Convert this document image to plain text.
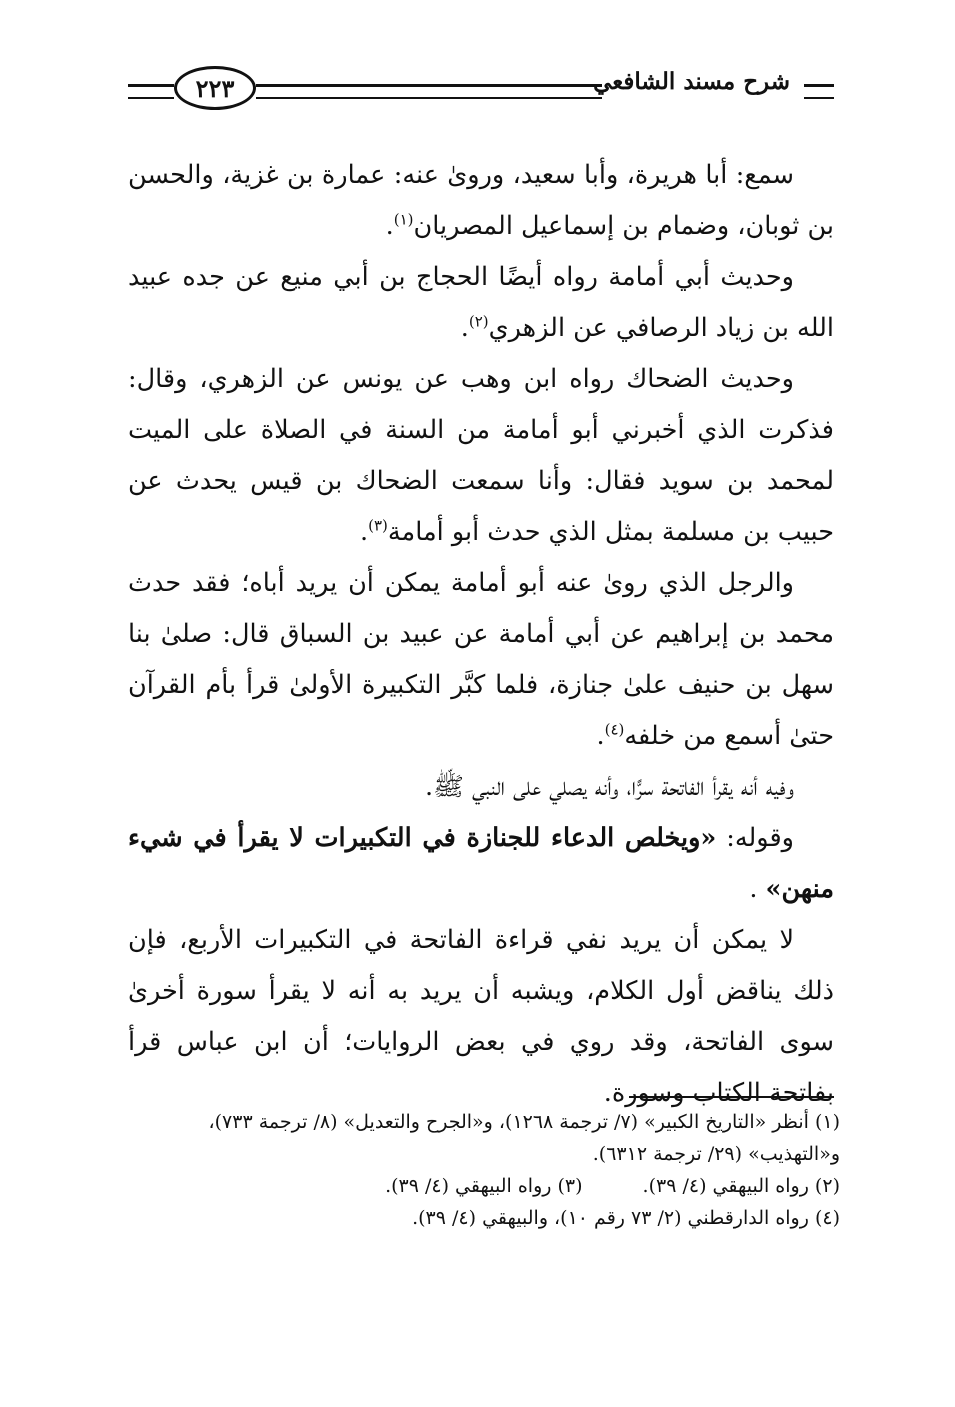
شرح مسند الشافعي
٢٢٣

سمع: أبا هريرة، وأبا سعيد، وروىٰ عنه: عمارة بن غزية، والحسن بن ثوبان، وضمام بن إسماعيل المصريان$^{(١)}$.

وحديث أبي أمامة رواه أيضًا الحجاج بن أبي منيع عن جده عبيد الله بن زياد الرصافي عن الزهري$^{(٢)}$.

وحديث الضحاك رواه ابن وهب عن يونس عن الزهري، وقال: فذكرت الذي أخبرني أبو أمامة من السنة في الصلاة على الميت لمحمد بن سويد فقال: وأنا سمعت الضحاك بن قيس يحدث عن حبيب بن مسلمة بمثل الذي حدث أبو أمامة$^{(٣)}$.

والرجل الذي روىٰ عنه أبو أمامة يمكن أن يريد أباه؛ فقد حدث محمد بن إبراهيم عن أبي أمامة عن عبيد بن السباق قال: صلىٰ بنا سهل بن حنيف علىٰ جنازة، فلما كبَّر التكبيرة الأولىٰ قرأ بأم القرآن حتىٰ أسمع من خلفه$^{(٤)}$.

وفيه أنه يقرأ الفاتحة سرًّا، وأنه يصلي على النبي ﷺ.

وقوله: «ويخلص الدعاء للجنازة في التكبيرات لا يقرأ في شيء منهن» .

لا يمكن أن يريد نفي قراءة الفاتحة في التكبيرات الأربع، فإن ذلك يناقض أول الكلام، ويشبه أن يريد به أنه لا يقرأ سورة أخرىٰ سوى الفاتحة، وقد روي في بعض الروايات؛ أن ابن عباس قرأ بفاتحة الكتاب وسورة.

(١) أنظر «التاريخ الكبير» (٧/ ترجمة ١٢٦٨)، و«الجرح والتعديل» (٨/ ترجمة ٧٣٣)، و«التهذيب» (٢٩/ ترجمة ٦٣١٢).

(٢) رواه البيهقي (٤/ ٣٩).
(٣) رواه البيهقي (٤/ ٣٩).

(٤) رواه الدارقطني (٢/ ٧٣ رقم ١٠)، والبيهقي (٤/ ٣٩).
